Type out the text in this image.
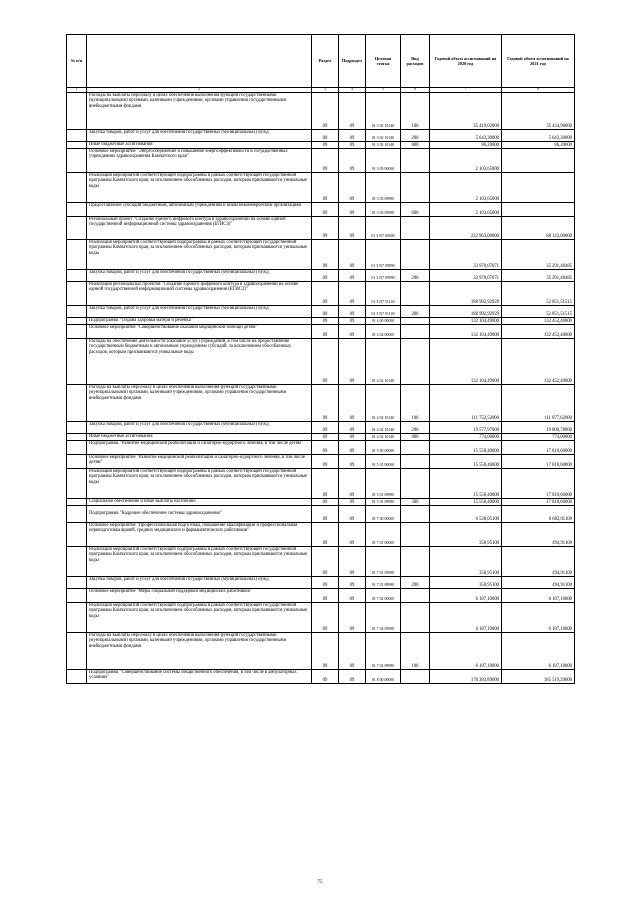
№ п/п		Раздел	Подраздел	Целевая статья	Вид расходов	Годовой объем ассигнований на 2020 год	Годовой объем ассигнований на 2021 год
1	2	3	4	5	6	7	8
	Расходы на выплаты персоналу в целях обеспечения выполнения функций государственными (муниципальными) органами, казенными учреждениями, органами управления государственными внебюджетными фондами	09	09	01 3 02 10140	100	35 419,02000	35 434,96000
	Закупка товаров, работ и услуг для обеспечения государственных (муниципальных) нужд	09	09	01 3 02 10140	200	5 643,30000	5 643,30000
	Иные бюджетные ассигнования	09	09	01 3 02 10140	800	86,20000	86,20000
	Основное мероприятие "Энергосбережение и повышение энергоэффективности в государственных учреждениях здравоохранения Камчатского края"	09	09	01 3 03 00000		2 103,65000	
	Реализация мероприятий соответствующей подпрограммы в рамках соответствующей государственной программы Камчатского края, за исключением обособленных расходов, которым присваиваются уникальные коды	09	09	01 3 03 09990		2 103,65000	
	Предоставление субсидий бюджетным, автономным учреждениям и иным некоммерческим организациям	09	09	01 3 03 09990	600	2 103,65000	
	Региональный проект "Создание единого цифрового контура в здравоохранении на основе единой государственной информационной системы здравоохранения (ЕГИСЗ)"	09	09	01 3 N7 00000		222 963,00000	88 143,00000
	Реализация мероприятий соответствующей подпрограммы в рамках соответствующей государственной программы Камчатского края, за исключением обособленных расходов, которым присваиваются уникальные коды	09	09	01 3 N7 09990		33 970,07071	35 291,48485
	Закупка товаров, работ и услуг для обеспечения государственных (муниципальных) нужд	09	09	01 3 N7 09990	200	33 970,07071	35 291,48485
	Реализация региональных проектов "Создание единого цифрового контура в здравоохранении на основе единой государственной информационной системы здравоохранения (ЕГИСЗ)"	09	09	01 3 N7 51140		188 992,92929	52 851,51515
	Закупка товаров, работ и услуг для обеспечения государственных (муниципальных) нужд	09	09	01 3 N7 51140	200	188 992,92929	52 851,51515
	Подпрограмма "Охрана здоровья матери и ребенка"	09	09	01 4 00 00000		132 104,49000	132 452,40000
	Основное мероприятие "Совершенствование оказания медицинской помощи детям"	09	09	01 4 02 00000		132 104,49000	132 452,40000
	Расходы на обеспечение деятельности (оказание услуг) учреждений, в том числе на предоставление государственным бюджетным и автономным учреждениям субсидий, за исключением обособленных расходов, которым присваиваются уникальные коды	09	09	01 4 02 10140		132 104,49000	132 452,40000
	Расходы на выплаты персоналу в целях обеспечения выполнения функций государственными (муниципальными) органами, казенными учреждениями, органами управления государственными внебюджетными фондами	09	09	01 4 02 10140	100	111 752,52000	111 877,62000
	Закупка товаров, работ и услуг для обеспечения государственных (муниципальных) нужд	09	09	01 4 02 10140	200	19 577,97000	19 800,78000
	Иные бюджетные ассигнования	09	09	01 4 02 10140	800	774,00000	774,00000
	Подпрограмма "Развитие медицинской реабилитации и санаторно-курортного лечения, в том числе детям"	09	09	01 5 00 00000		15 558,40000	17 810,60000
	Основное мероприятие "Развитие медицинской реабилитации и санаторно-курортного лечения, в том числе детям"	09	09	01 5 01 00000		15 558,40000	17 810,60000
	Реализация мероприятий соответствующей подпрограммы в рамках соответствующей государственной программы Камчатского края, за исключением обособленных расходов, которым присваиваются уникальные коды	09	09	01 5 01 09990		15 558,40000	17 810,60000
	Социальное обеспечение и иные выплаты населению	09	09	01 5 01 09990	300	15 558,40000	17 810,60000
	Подпрограмма "Кадровое обеспечение системы здравоохранения"	09	09	01 7 00 00000		6 538,05100	6 682,01100
	Основное мероприятие "Профессиональная подготовка, повышение квалификации и профессиональная переподготовка врачей, средних медицинских и фармацевтических работников"	09	09	01 7 01 00000		350,95100	494,91100
	Реализация мероприятий соответствующей подпрограммы в рамках соответствующей государственной программы Камчатского края, за исключением обособленных расходов, которым присваиваются уникальные коды	09	09	01 7 01 09990		350,95100	494,91100
	Закупка товаров, работ и услуг для обеспечения государственных (муниципальных) нужд	09	09	01 7 01 09990	200	350,95100	494,91100
	Основное мероприятие "Меры социальной поддержки медицинских работников"	09	09	01 7 02 00000		6 187,10000	6 187,10000
	Реализация мероприятий соответствующей подпрограммы в рамках соответствующей государственной программы Камчатского края, за исключением обособленных расходов, которым присваиваются уникальные коды	09	09	01 7 02 09990		6 187,10000	6 187,10000
	Расходы на выплаты персоналу в целях обеспечения выполнения функций государственными (муниципальными) органами, казенными учреждениями, органами управления государственными внебюджетными фондами	09	09	01 7 02 09990	100	6 187,10000	6 187,10000
	Подпрограмма "Совершенствование системы лекарственного обеспечения, в том числе в амбулаторных условиях"	09	09	01 8 00 00000		178 383,89000	185 519,29000
75
